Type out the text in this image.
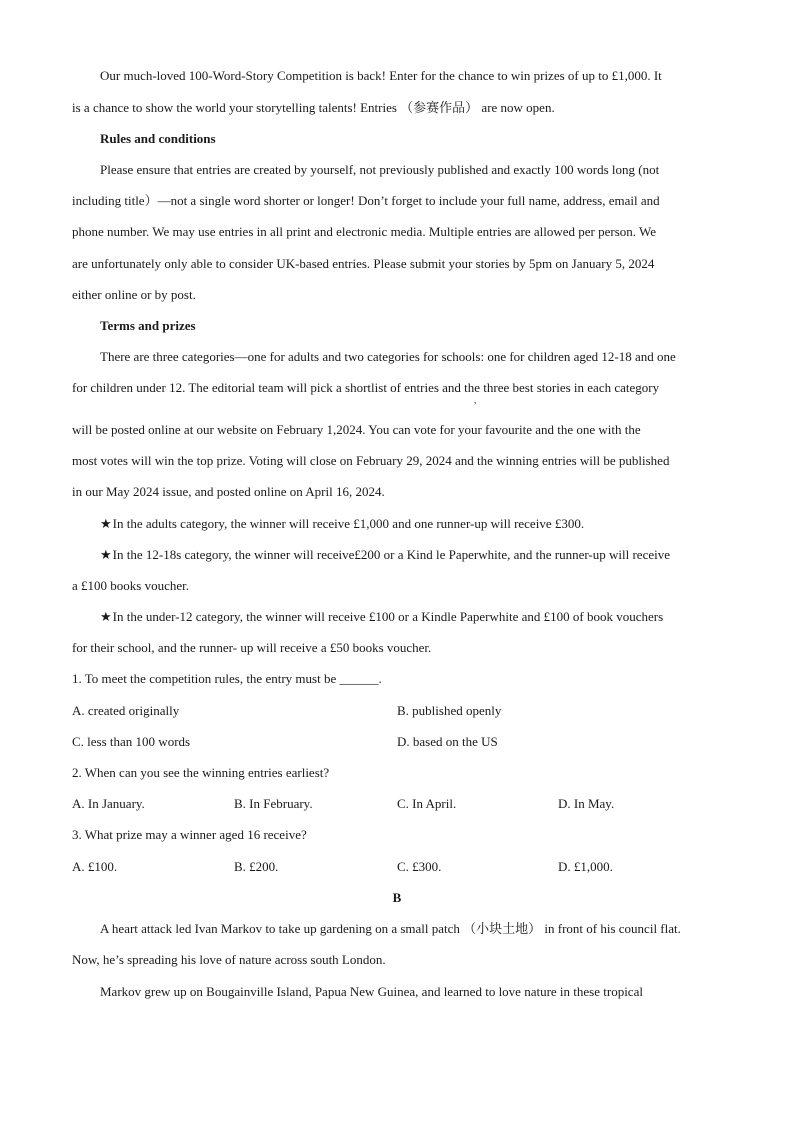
Our much-loved 100-Word-Story Competition is back! Enter for the chance to win prizes of up to £1,000. It
is a chance to show the world your storytelling talents! Entries （参赛作品） are now open.
Rules and conditions
Please ensure that entries are created by yourself, not previously published and exactly 100 words long (not
including title）—not a single word shorter or longer! Don’t forget to include your full name, address, email and
phone number. We may use entries in all print and electronic media. Multiple entries are allowed per person. We
are unfortunately only able to consider UK-based entries. Please submit your stories by 5pm on January 5, 2024
either online or by post.
Terms and prizes
There are three categories—one for adults and two categories for schools: one for children aged 12-18 and one
for children under 12. The editorial team will pick a shortlist of entries and the three best stories in each category
,
will be posted online at our website on February 1,2024. You can vote for your favourite and the one with the
most votes will win the top prize. Voting will close on February 29, 2024 and the winning entries will be published
in our May 2024 issue, and posted online on April 16, 2024.
★In the adults category, the winner will receive £1,000 and one runner-up will receive £300.
★In the 12-18s category, the winner will receive£200 or a Kind le Paperwhite, and the runner-up will receive
a £100 books voucher.
★In the under-12 category, the winner will receive £100 or a Kindle Paperwhite and £100 of book vouchers
for their school, and the runner- up will receive a £50 books voucher.
1. To meet the competition rules, the entry must be ______.
A. created originally	B. published openly
C. less than 100 words	D. based on the US
2. When can you see the winning entries earliest?
A. In January.	B. In February.	C. In April.	D. In May.
3. What prize may a winner aged 16 receive?
A. £100.	B. £200.	C. £300.	D. £1,000.
B
A heart attack led Ivan Markov to take up gardening on a small patch （小块土地） in front of his council flat.
Now, he’s spreading his love of nature across south London.
Markov grew up on Bougainville Island, Papua New Guinea, and learned to love nature in these tropical
